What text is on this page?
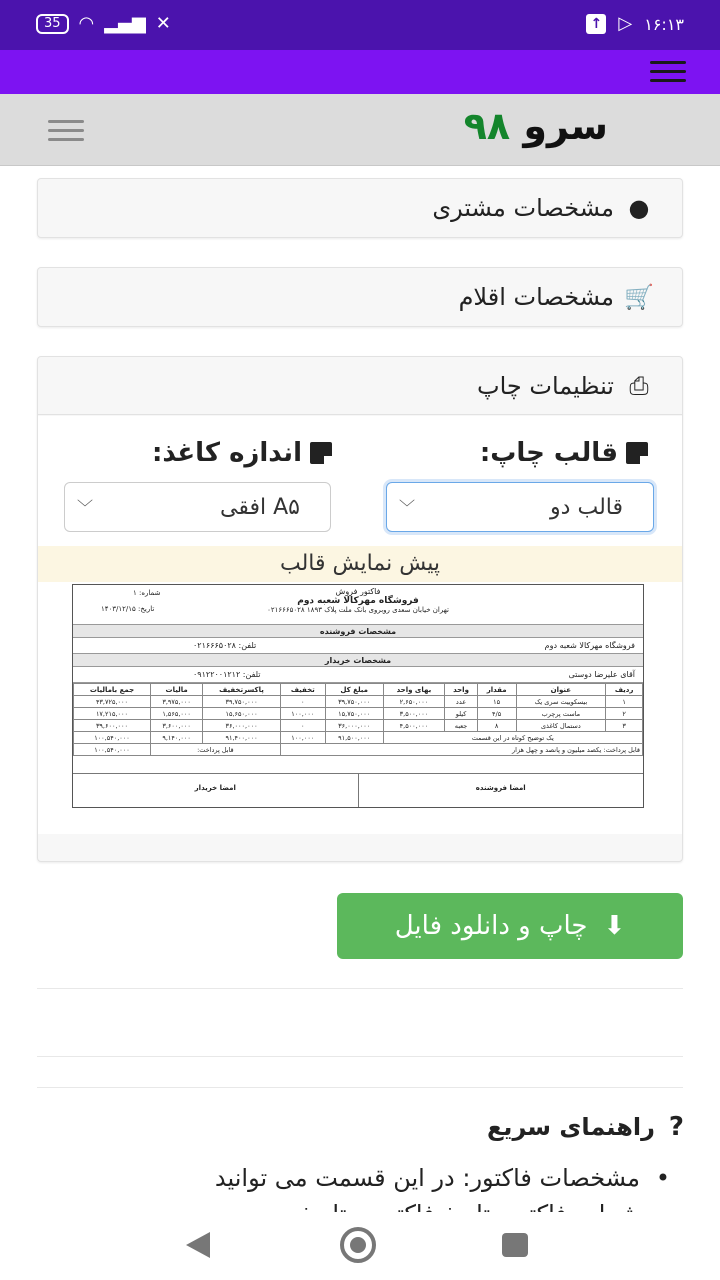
35	◠ ▂▄▆ ✕	↑ ▷ ۱۶:۱۳
سرو ۹۸
●
مشخصات مشتری
🛒
مشخصات اقلام
⎙
تنظیمات چاپ
قالب چاپ:
اندازه کاغذ:
قالب دو
﹀
A۵ افقی
﹀
پیش نمایش قالب
فاکتور فروش
فروشگاه مهرکالا شعبه دوم
تهران خیابان سعدی روبروی بانک ملت پلاک ۱۸۹۳ ۰۲۱۶۶۶۵۰۲۸
شماره: ۱
تاریخ: ۱۴۰۳/۱۲/۱۵
مشخصات فروشنده
فروشگاه مهرکالا شعبه دوم
تلفن: ۰۲۱۶۶۶۵۰۲۸
مشخصات خریدار
آقای علیرضا دوستی
تلفن: ۰۹۱۲۲۰۰۱۲۱۲
ردیف	عنوان	مقدار	واحد	بهای واحد	مبلغ کل	تخفیف	پاکسرتخفیف	مالیات	جمع بامالیات
۱	بیسکوییت سری یک	۱۵	عدد	۲,۶۵۰,۰۰۰	۳۹,۷۵۰,۰۰۰	۰	۳۹,۷۵۰,۰۰۰	۳,۹۷۵,۰۰۰	۴۳,۷۲۵,۰۰۰
۲	ماست پرچرب	۴/۵	کیلو	۳,۵۰۰,۰۰۰	۱۵,۷۵۰,۰۰۰	۱۰۰,۰۰۰	۱۵,۶۵۰,۰۰۰	۱,۵۶۵,۰۰۰	۱۷,۲۱۵,۰۰۰
۳	دستمال کاغذی	۸	جعبه	۴,۵۰۰,۰۰۰	۳۶,۰۰۰,۰۰۰	۰	۳۶,۰۰۰,۰۰۰	۳,۶۰۰,۰۰۰	۳۹,۶۰۰,۰۰۰
یک توضیح کوتاه در این قسمت					۹۱,۵۰۰,۰۰۰	۱۰۰,۰۰۰	۹۱,۴۰۰,۰۰۰	۹,۱۴۰,۰۰۰	۱۰۰,۵۴۰,۰۰۰
قابل پرداخت: یکصد میلیون و پانصد و چهل هزار							قابل پرداخت:		۱۰۰,۵۴۰,۰۰۰
امضا فروشنده
امضا خریدار
⬇
چاپ و دانلود فایل
?
راهنمای سریع
• مشخصات فاکتور: در این قسمت می توانید
